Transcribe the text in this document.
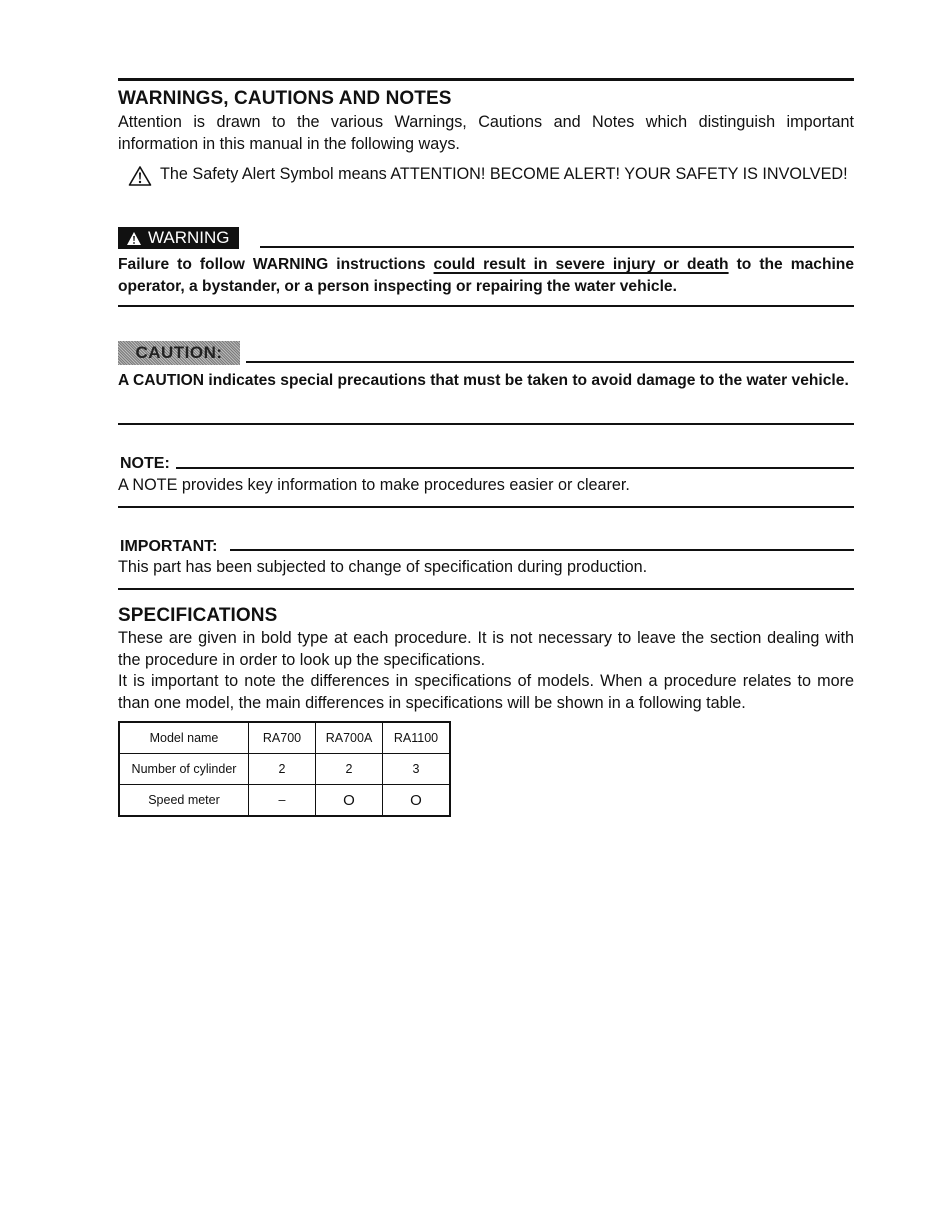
WARNINGS, CAUTIONS AND NOTES
Attention is drawn to the various Warnings, Cautions and Notes which distinguish important information in this manual in the following ways.
The Safety Alert Symbol means ATTENTION! BECOME ALERT! YOUR SAFETY IS INVOLVED!
WARNING
Failure to follow WARNING instructions could result in severe injury or death to the machine operator, a bystander, or a person inspecting or repairing the water vehicle.
CAUTION:
A CAUTION indicates special precautions that must be taken to avoid damage to the water vehicle.
NOTE:
A NOTE provides key information to make procedures easier or clearer.
IMPORTANT:
This part has been subjected to change of specification during production.
SPECIFICATIONS
These are given in bold type at each procedure. It is not necessary to leave the section dealing with the procedure in order to look up the specifications.
It is important to note the differences in specifications of models. When a procedure relates to more than one model, the main differences in specifications will be shown in a following table.
Model name	RA700	RA700A	RA1100
Number of cylinder	2	2	3
Speed meter	–	O	O
